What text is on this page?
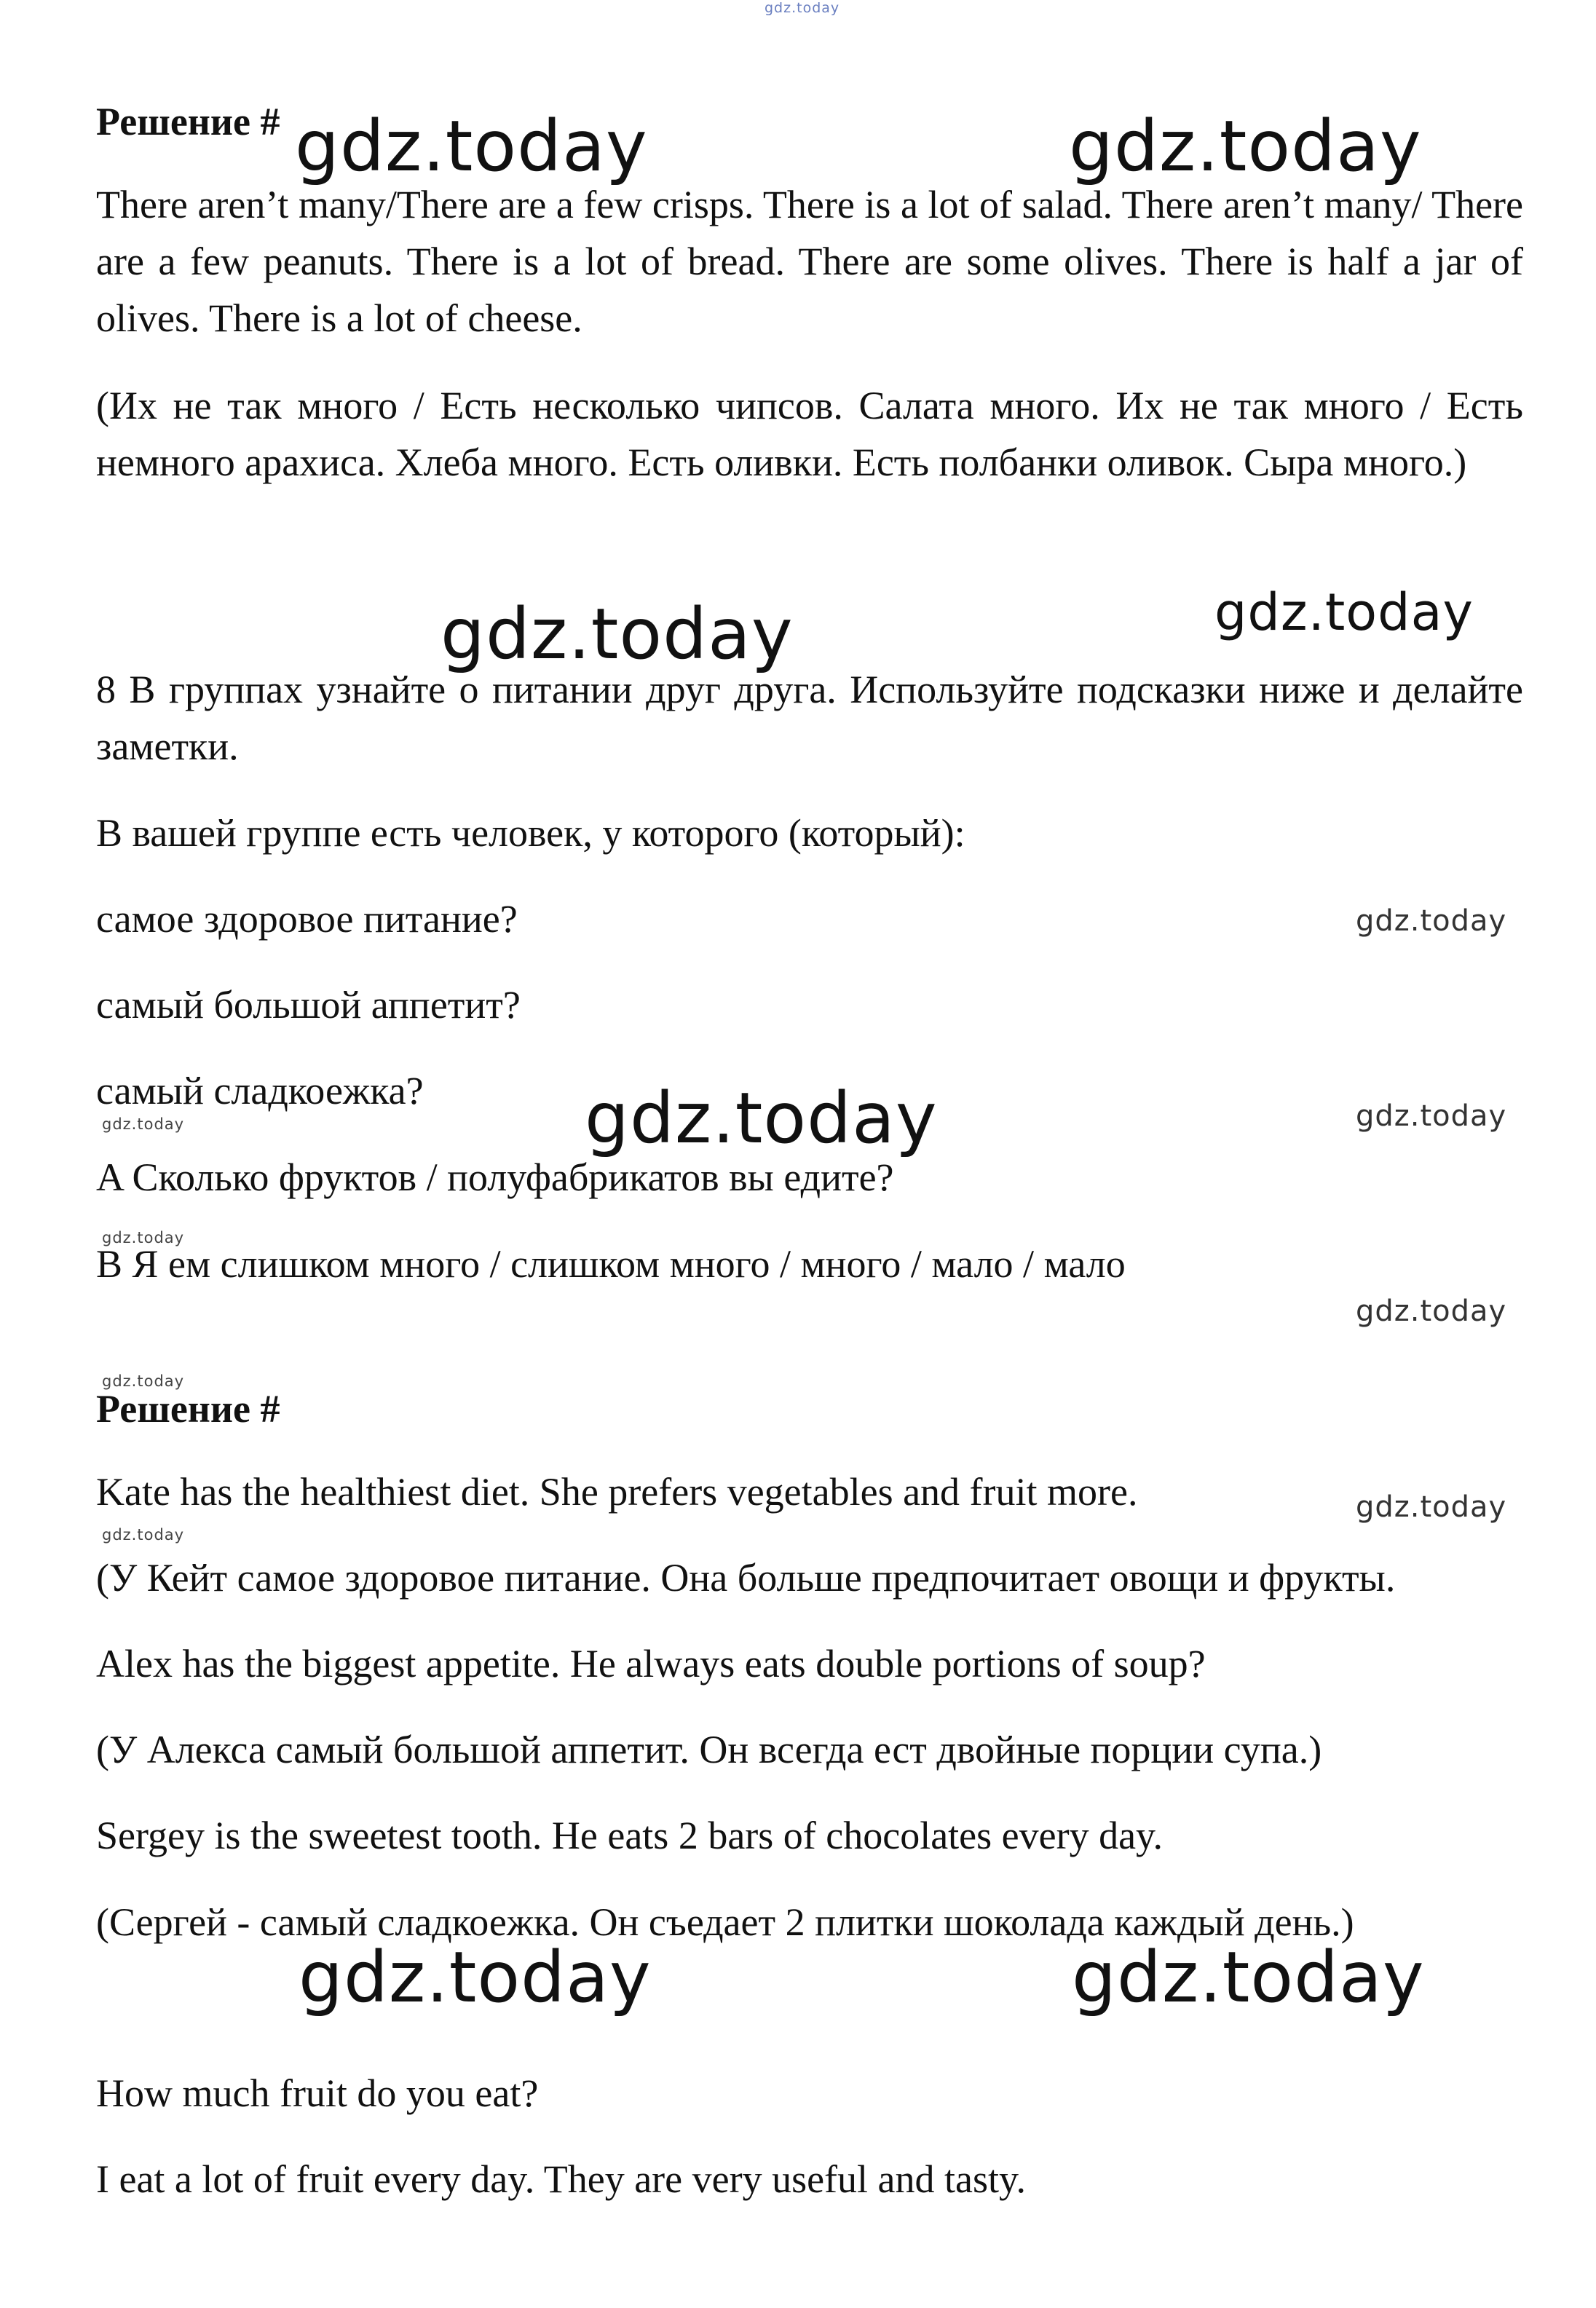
gdz.today
Решение #
There aren’t many/There are a few crisps. There is a lot of salad. There aren’t many/ There are a few peanuts. There is a lot of bread. There are some olives. There is half a jar of olives. There is a lot of cheese.
(Их не так много / Есть несколько чипсов. Салата много. Их не так много / Есть немного арахиса. Хлеба много. Есть оливки. Есть полбанки оливок. Сыра много.)
8 В группах узнайте о питании друг друга. Используйте подсказки ниже и делайте заметки.
В вашей группе есть человек, у которого (который):
самое здоровое питание?
самый большой аппетит?
самый сладкоежка?
A Сколько фруктов / полуфабрикатов вы едите?
B Я ем слишком много / слишком много / много / мало / мало
Решение #
Kate has the healthiest diet. She prefers vegetables and fruit more.
(У Кейт самое здоровое питание. Она больше предпочитает овощи и фрукты.
Alex has the biggest appetite. He always eats double portions of soup?
(У Алекса самый большой аппетит. Он всегда ест двойные порции супа.)
Sergey is the sweetest tooth. He eats 2 bars of chocolates every day.
(Сергей - самый сладкоежка. Он съедает 2 плитки шоколада каждый день.)
How much fruit do you eat?
I eat a lot of fruit every day. They are very useful and tasty.
gdz.today	gdz.today
gdz.today	gdz.today
gdz.today
gdz.today	gdz.today
gdz.today
gdz.today
gdz.today
gdz.today
gdz.today
gdz.today
gdz.today	gdz.today
